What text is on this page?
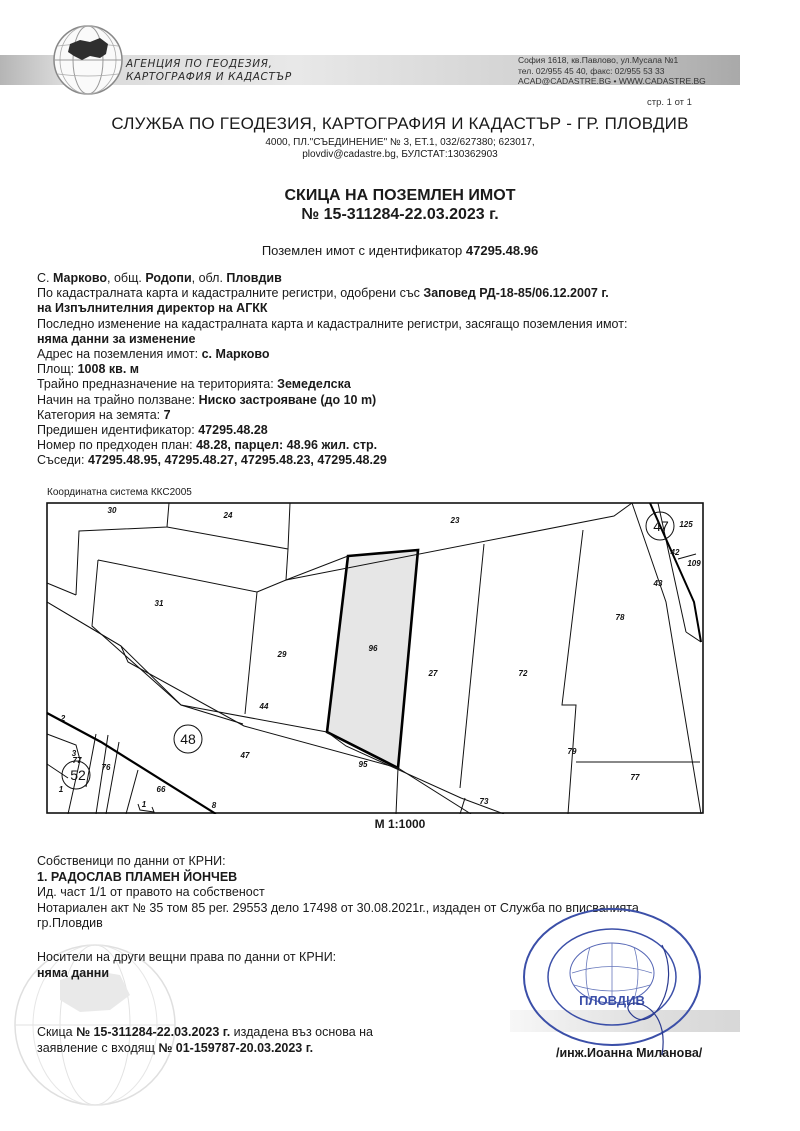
АГЕНЦИЯ ПО ГЕОДЕЗИЯ,
КАРТОГРАФИЯ И КАДАСТЪР
София 1618, кв.Павлово, ул.Мусала №1
тел. 02/955 45 40, факс: 02/955 53 33
ACAD@CADASTRE.BG • WWW.CADASTRE.BG
стр. 1 от 1
СЛУЖБА ПО ГЕОДЕЗИЯ, КАРТОГРАФИЯ И КАДАСТЪР - ГР. ПЛОВДИВ
4000, ПЛ."СЪЕДИНЕНИЕ" № 3, ЕТ.1, 032/627380; 623017,
plovdiv@cadastre.bg, БУЛСТАТ:130362903
СКИЦА НА ПОЗЕМЛЕН ИМОТ
№ 15-311284-22.03.2023 г.
Поземлен имот с идентификатор 47295.48.96
С. Марково, общ. Родопи, обл. Пловдив
По кадастралната карта и кадастралните регистри, одобрени със Заповед РД-18-85/06.12.2007 г.
на Изпълнителния директор на АГКК
Последно изменение на кадастралната карта и кадастралните регистри, засягащо поземления имот:
няма данни за изменение
Адрес на поземления имот: с. Марково
Площ: 1008 кв. м
Трайно предназначение на територията: Земеделска
Начин на трайно ползване: Ниско застрояване (до 10 m)
Категория на земята: 7
Предишен идентификатор: 47295.48.28
Номер по предходен план: 48.28, парцел: 48.96 жил. стр.
Съседи: 47295.48.95, 47295.48.27, 47295.48.23, 47295.48.29
Координатна система ККС2005
48
52
47
30
24
23
31
29
96
27	72
78
43
42
125
109
44
47
95
73
79
77
2
3
77
1
76
66
1	8
М 1:1000
Собственици по данни от КРНИ:
1. РАДОСЛАВ ПЛАМЕН ЙОНЧЕВ
Ид. част 1/1 от правото на собственост
Нотариален акт № 35 том 85 рег. 29553 дело 17498 от 30.08.2021г., издаден от Служба по вписванията
гр.Пловдив
Носители на други вещни права по данни от КРНИ:
няма данни
Скица № 15-311284-22.03.2023 г. издадена въз основа на
заявление с входящ № 01-159787-20.03.2023 г.
ПЛОВДИВ
/инж.Иоанна Миланова/
